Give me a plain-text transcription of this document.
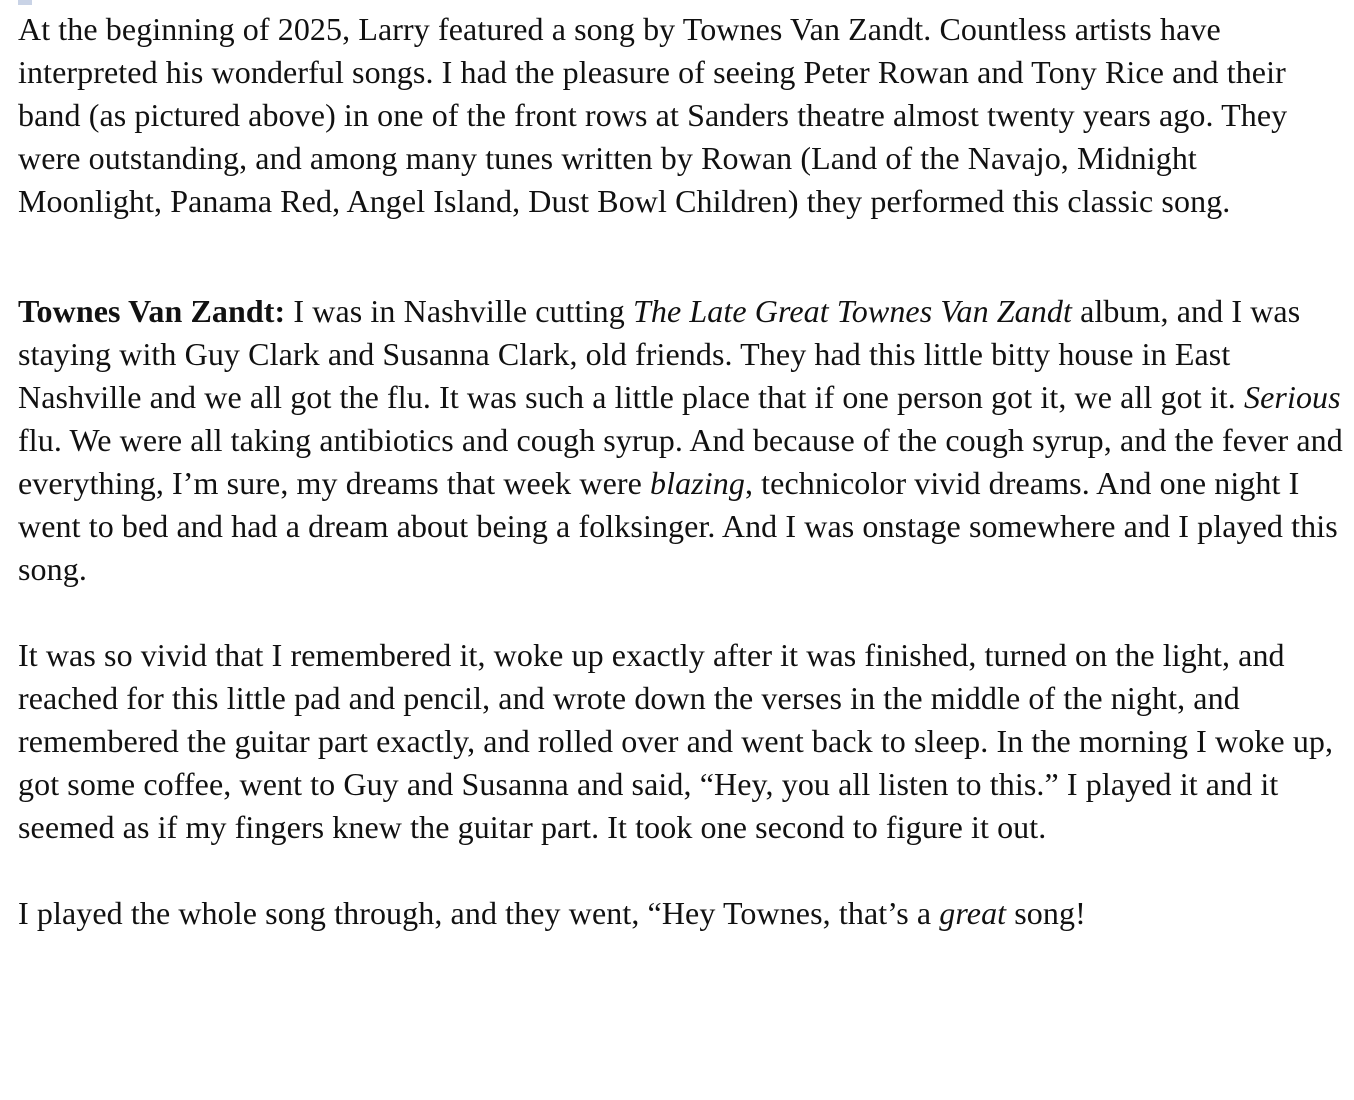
At the beginning of 2025, Larry featured a song by Townes Van Zandt. Countless artists have interpreted his wonderful songs. I had the pleasure of seeing Peter Rowan and Tony Rice and their band (as pictured above) in one of the front rows at Sanders theatre almost twenty years ago. They were outstanding, and among many tunes written by Rowan (Land of the Navajo, Midnight Moonlight, Panama Red, Angel Island, Dust Bowl Children) they performed this classic song.

Townes Van Zandt: I was in Nashville cutting The Late Great Townes Van Zandt album, and I was staying with Guy Clark and Susanna Clark, old friends. They had this little bitty house in East Nashville and we all got the flu. It was such a little place that if one person got it, we all got it. Serious flu. We were all taking antibiotics and cough syrup. And because of the cough syrup, and the fever and everything, I’m sure, my dreams that week were blazing, technicolor vivid dreams. And one night I went to bed and had a dream about being a folksinger. And I was onstage somewhere and I played this song.

It was so vivid that I remembered it, woke up exactly after it was finished, turned on the light, and reached for this little pad and pencil, and wrote down the verses in the middle of the night, and remembered the guitar part exactly, and rolled over and went back to sleep. In the morning I woke up, got some coffee, went to Guy and Susanna and said, “Hey, you all listen to this.” I played it and it seemed as if my fingers knew the guitar part. It took one second to figure it out.

I played the whole song through, and they went, “Hey Townes, that’s a great song!
